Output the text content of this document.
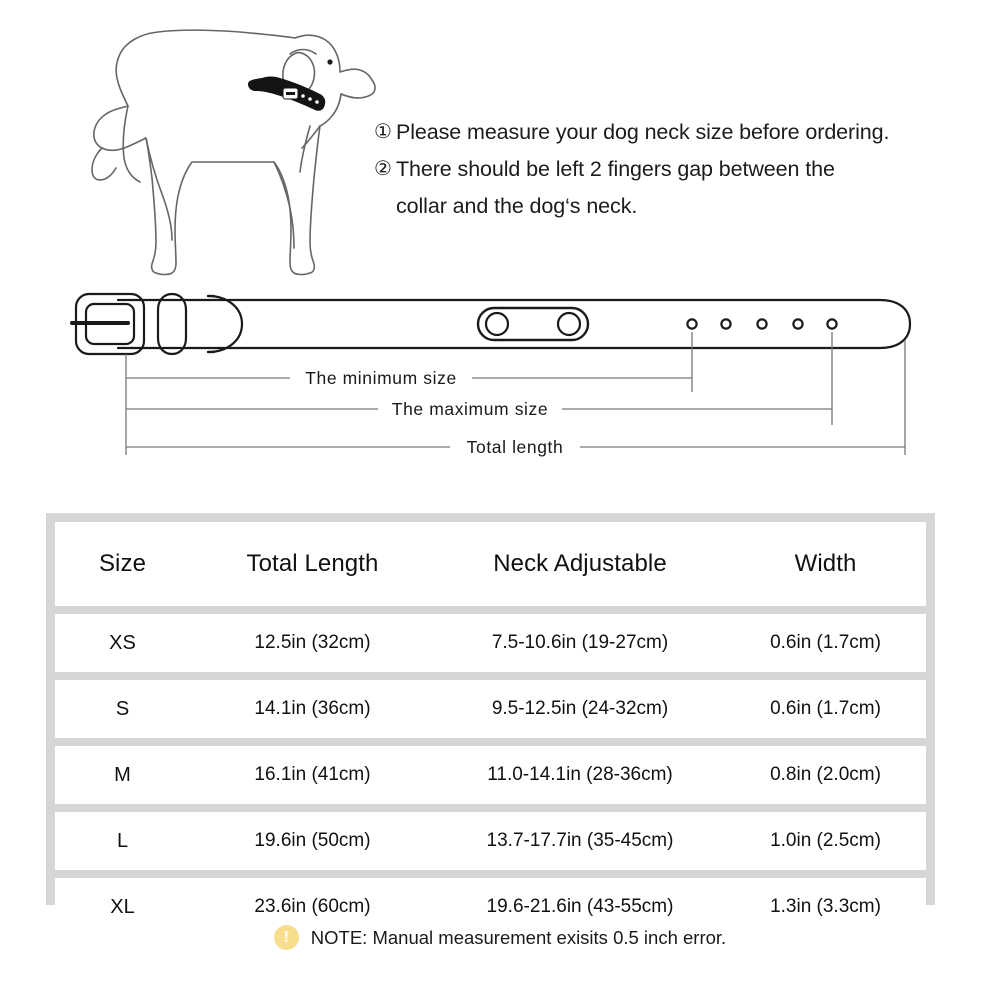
① Please measure your dog neck size before ordering.
② There should be left 2 fingers gap between the
collar and the dog‘s neck.
The minimum size
The maximum size
Total length
Size	Total Length	Neck Adjustable	Width
XS	12.5in (32cm)	7.5-10.6in (19-27cm)	0.6in (1.7cm)
S	14.1in (36cm)	9.5-12.5in (24-32cm)	0.6in (1.7cm)
M	16.1in (41cm)	11.0-14.1in (28-36cm)	0.8in (2.0cm)
L	19.6in (50cm)	13.7-17.7in (35-45cm)	1.0in (2.5cm)
XL	23.6in (60cm)	19.6-21.6in (43-55cm)	1.3in (3.3cm)
! NOTE: Manual measurement exisits 0.5 inch error.
